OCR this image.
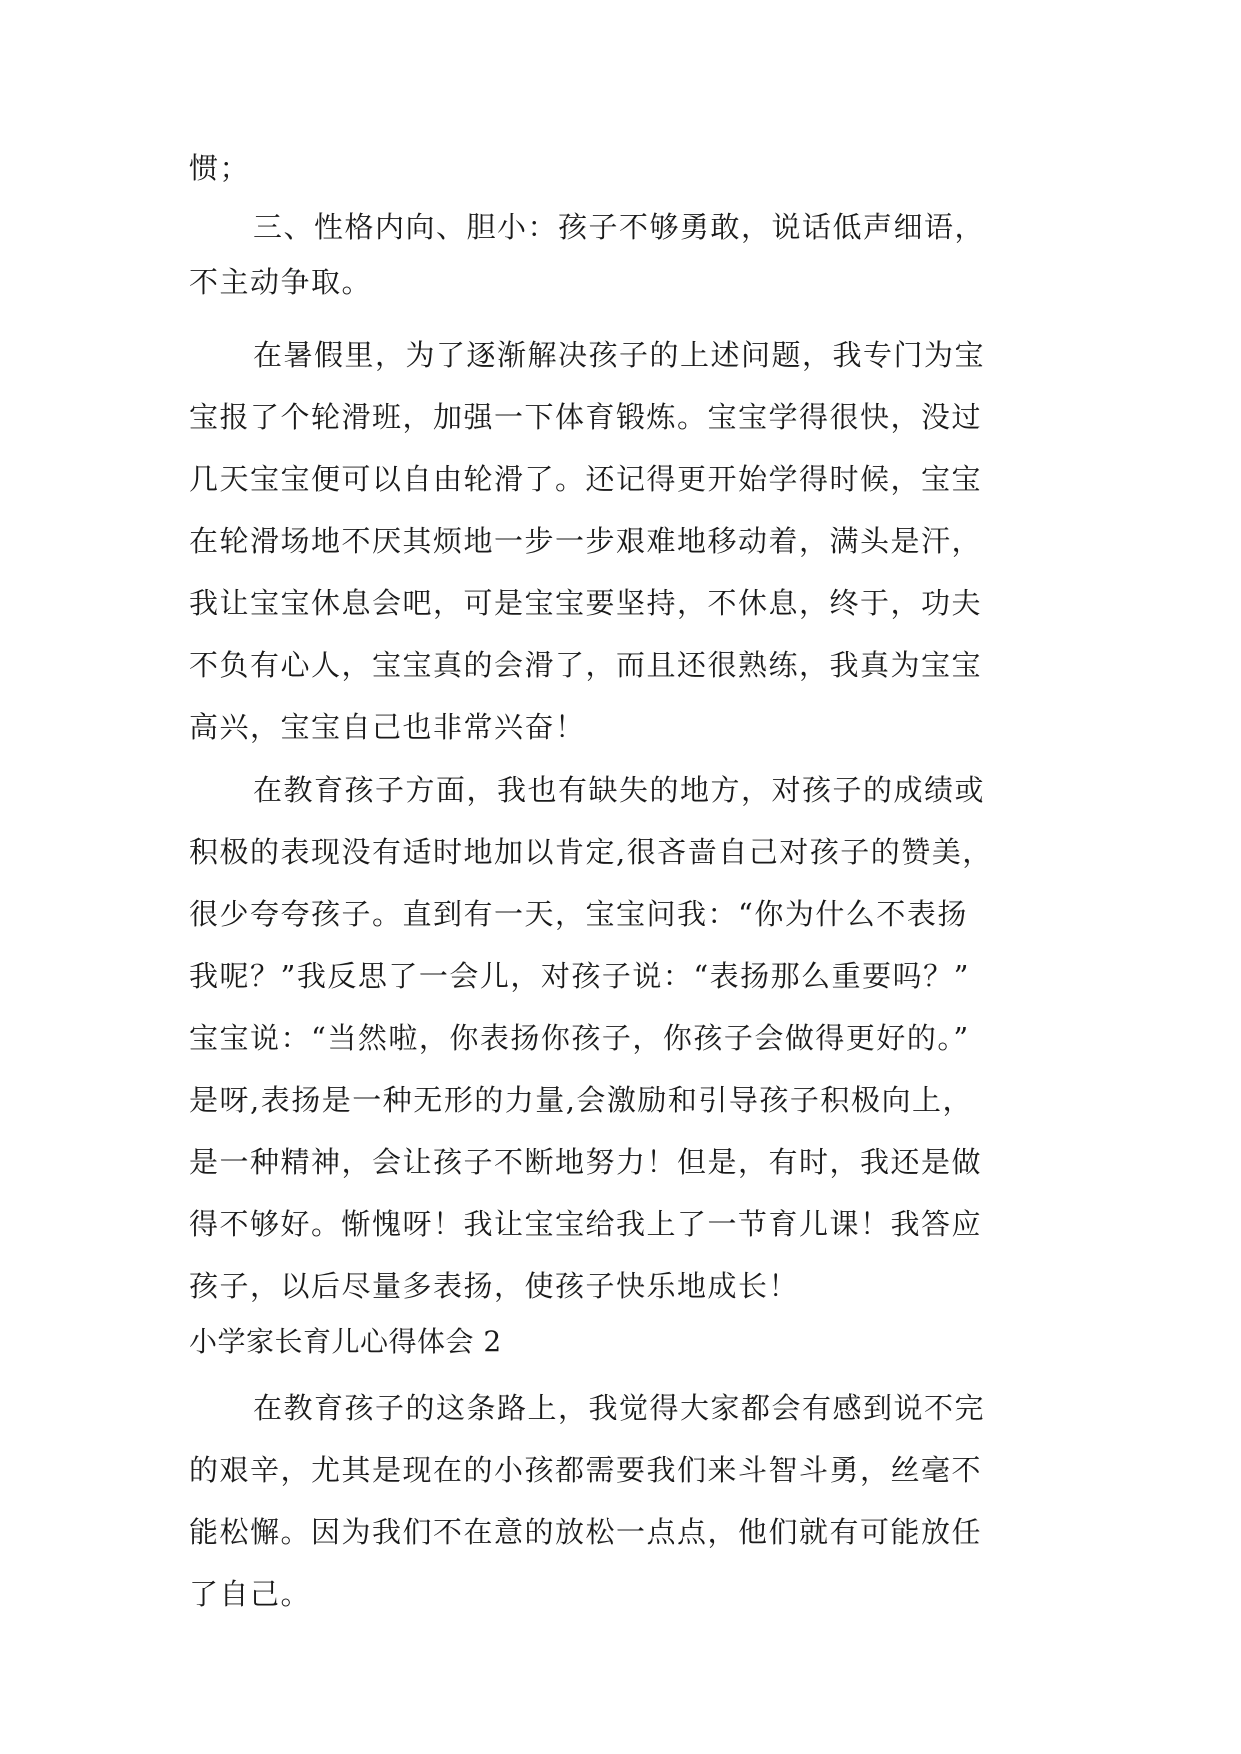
惯；
三、性格内向、胆小：孩子不够勇敢，说话低声细语，
不主动争取。
在暑假里，为了逐渐解决孩子的上述问题，我专门为宝
宝报了个轮滑班，加强一下体育锻炼。宝宝学得很快，没过
几天宝宝便可以自由轮滑了。还记得更开始学得时候，宝宝
在轮滑场地不厌其烦地一步一步艰难地移动着，满头是汗，
我让宝宝休息会吧，可是宝宝要坚持，不休息，终于，功夫
不负有心人，宝宝真的会滑了，而且还很熟练，我真为宝宝
高兴，宝宝自己也非常兴奋！
在教育孩子方面，我也有缺失的地方，对孩子的成绩或
积极的表现没有适时地加以肯定,很吝啬自己对孩子的赞美，
很少夸夸孩子。直到有一天，宝宝问我：“你为什么不表扬
我呢？”我反思了一会儿，对孩子说：“表扬那么重要吗？”
宝宝说：“当然啦，你表扬你孩子，你孩子会做得更好的。”
是呀,表扬是一种无形的力量,会激励和引导孩子积极向上，
是一种精神，会让孩子不断地努力！但是，有时，我还是做
得不够好。惭愧呀！我让宝宝给我上了一节育儿课！我答应
孩子，以后尽量多表扬，使孩子快乐地成长！
小学家长育儿心得体会 2
在教育孩子的这条路上，我觉得大家都会有感到说不完
的艰辛，尤其是现在的小孩都需要我们来斗智斗勇，丝毫不
能松懈。因为我们不在意的放松一点点，他们就有可能放任
了自己。
